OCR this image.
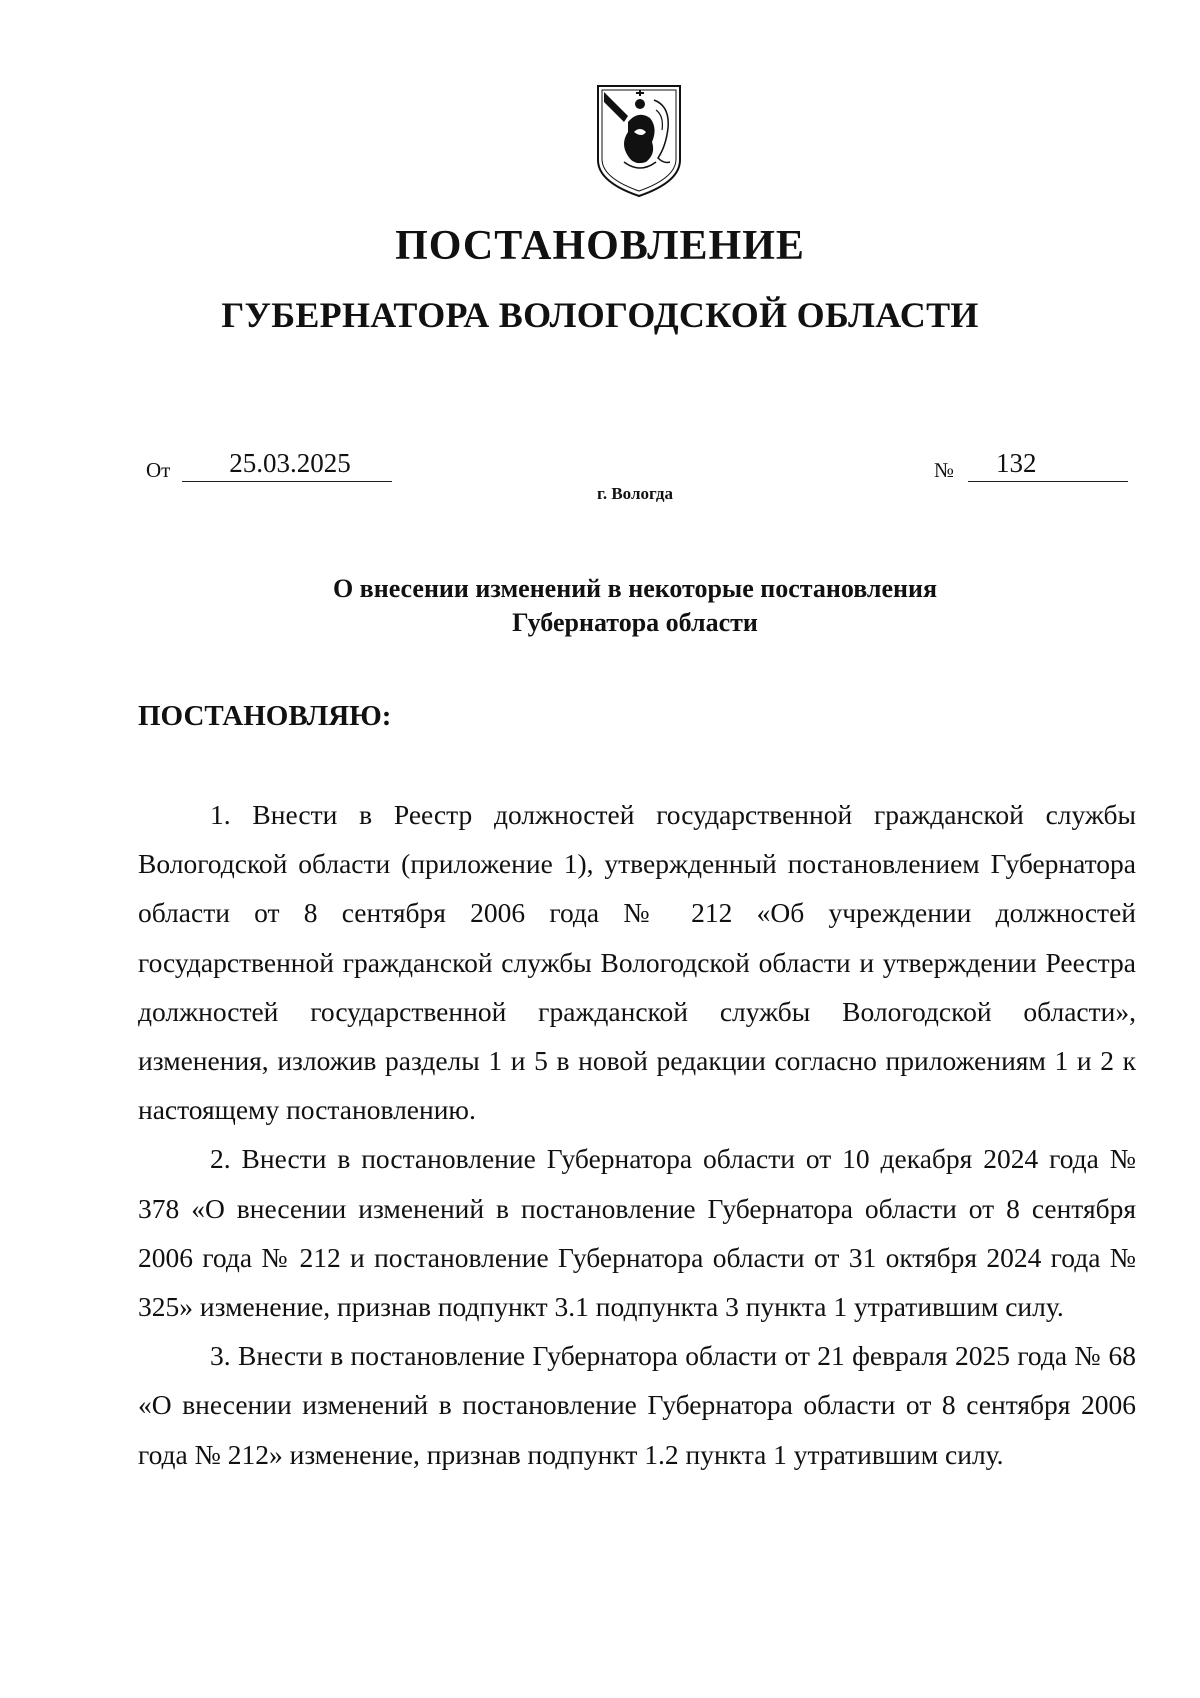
ПОСТАНОВЛЕНИЕ
ГУБЕРНАТОРА ВОЛОГОДСКОЙ ОБЛАСТИ
От	25.03.2025	№	132
г. Вологда
О внесении изменений в некоторые постановления
Губернатора области
ПОСТАНОВЛЯЮ:

1. Внести в Реестр должностей государственной гражданской службы Вологодской области (приложение 1), утвержденный постановлением Губернатора области от 8 сентября 2006 года № 212 «Об учреждении должностей государственной гражданской службы Вологодской области и утверждении Реестра должностей государственной гражданской службы Вологодской области», изменения, изложив разделы 1 и 5 в новой редакции согласно приложениям 1 и 2 к настоящему постановлению.

2. Внести в постановление Губернатора области от 10 декабря 2024 года № 378 «О внесении изменений в постановление Губернатора области от 8 сентября 2006 года № 212 и постановление Губернатора области от 31 октября 2024 года № 325» изменение, признав подпункт 3.1 подпункта 3 пункта 1 утратившим силу.

3. Внести в постановление Губернатора области от 21 февраля 2025 года № 68 «О внесении изменений в постановление Губернатора области от 8 сентября 2006 года № 212» изменение, признав подпункт 1.2 пункта 1 утратившим силу.
